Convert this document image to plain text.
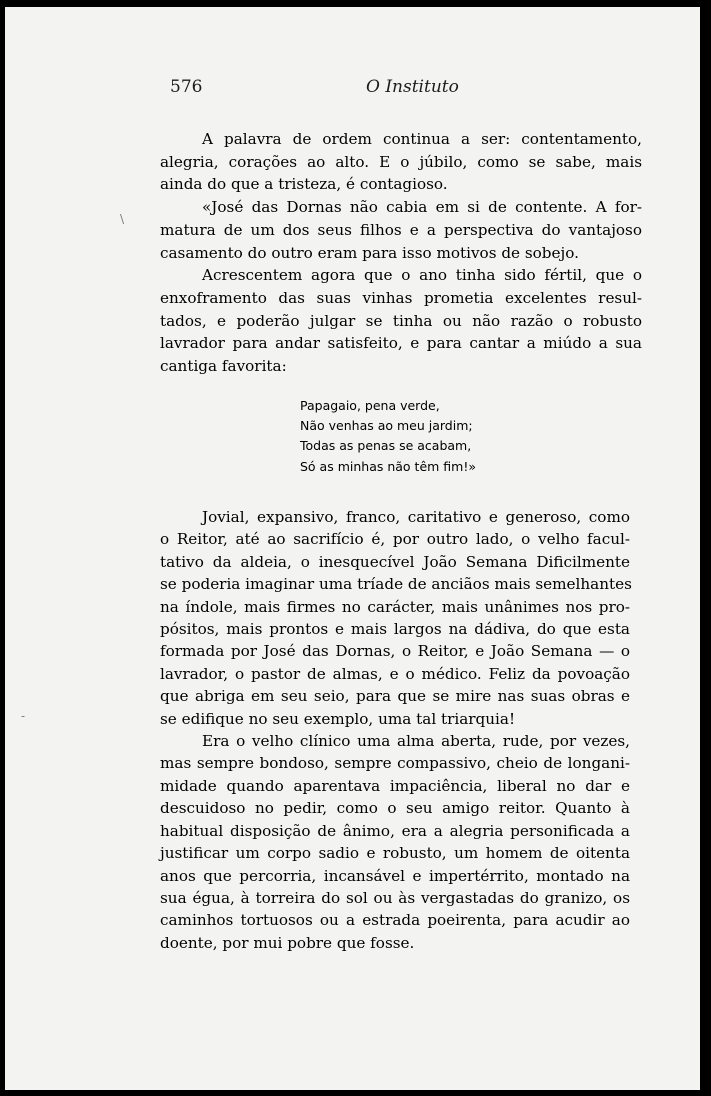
576	O Instituto
\
-
A palavra de ordem continua a ser: contentamento,
alegria, corações ao alto. E o júbilo, como se sabe, mais
ainda do que a tristeza, é contagioso.
«José das Dornas não cabia em si de contente. A for-
matura de um dos seus filhos e a perspectiva do vantajoso
casamento do outro eram para isso motivos de sobejo.
Acrescentem agora que o ano tinha sido fértil, que o
enxoframento das suas vinhas prometia excelentes resul-
tados, e poderão julgar se tinha ou não razão o robusto
lavrador para andar satisfeito, e para cantar a miúdo a sua
cantiga favorita:
Papagaio, pena verde,
Não venhas ao meu jardim;
Todas as penas se acabam,
Só as minhas não têm fim!»
Jovial, expansivo, franco, caritativo e generoso, como
o Reitor, até ao sacrifício é, por outro lado, o velho facul-
tativo da aldeia, o inesquecível João Semana Dificilmente
se poderia imaginar uma tríade de anciãos mais semelhantes
na índole, mais firmes no carácter, mais unânimes nos pro-
pósitos, mais prontos e mais largos na dádiva, do que esta
formada por José das Dornas, o Reitor, e João Semana — o
lavrador, o pastor de almas, e o médico. Feliz da povoação
que abriga em seu seio, para que se mire nas suas obras e
se edifique no seu exemplo, uma tal triarquia!
Era o velho clínico uma alma aberta, rude, por vezes,
mas sempre bondoso, sempre compassivo, cheio de longani-
midade quando aparentava impaciência, liberal no dar e
descuidoso no pedir, como o seu amigo reitor. Quanto à
habitual disposição de ânimo, era a alegria personificada a
justificar um corpo sadio e robusto, um homem de oitenta
anos que percorria, incansável e impertérrito, montado na
sua égua, à torreira do sol ou às vergastadas do granizo, os
caminhos tortuosos ou a estrada poeirenta, para acudir ao
doente, por mui pobre que fosse.
